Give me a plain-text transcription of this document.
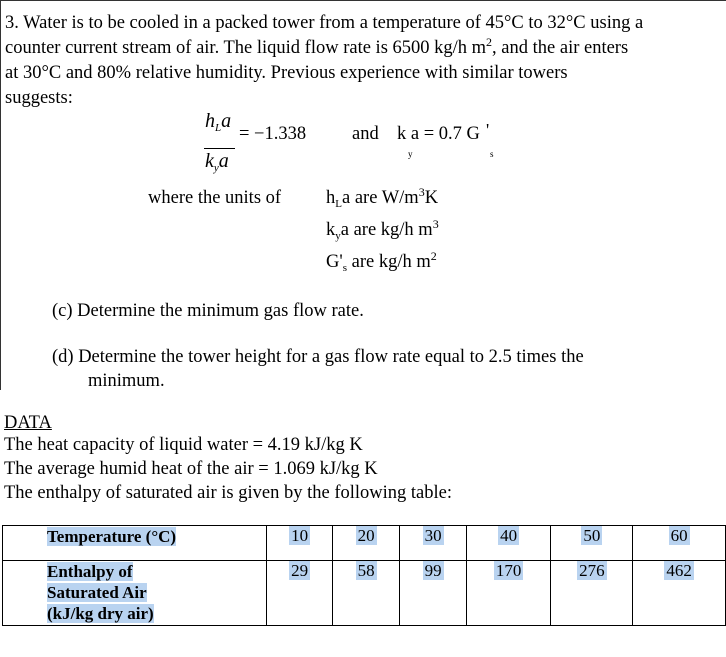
3. Water is to be cooled in a packed tower from a temperature of 45°C to 32°C using a
counter current stream of air. The liquid flow rate is 6500 kg/h $m^2$, and the air enters
at 30°C and 80% relative humidity. Previous experience with similar towers
suggests:
$h_La$
$k_ya$
= −1.338 and k a = 0.7 G '
y	s
where the units of $h_La$ are $W/m^3K$
$k_ya$ are kg/h $m^3$
$G'_s$ are kg/h $m^2$
(c) Determine the minimum gas flow rate.
(d) Determine the tower height for a gas flow rate equal to 2.5 times the
minimum.
DATA
The heat capacity of liquid water = 4.19 kJ/kg K
The average humid heat of the air = 1.069 kJ/kg K
The enthalpy of saturated air is given by the following table:
Temperature (°C)	10	20	30	40	50	60

Enthalpy of
Saturated Air
(kJ/kg dry air)	29	58	99	170	276	462
